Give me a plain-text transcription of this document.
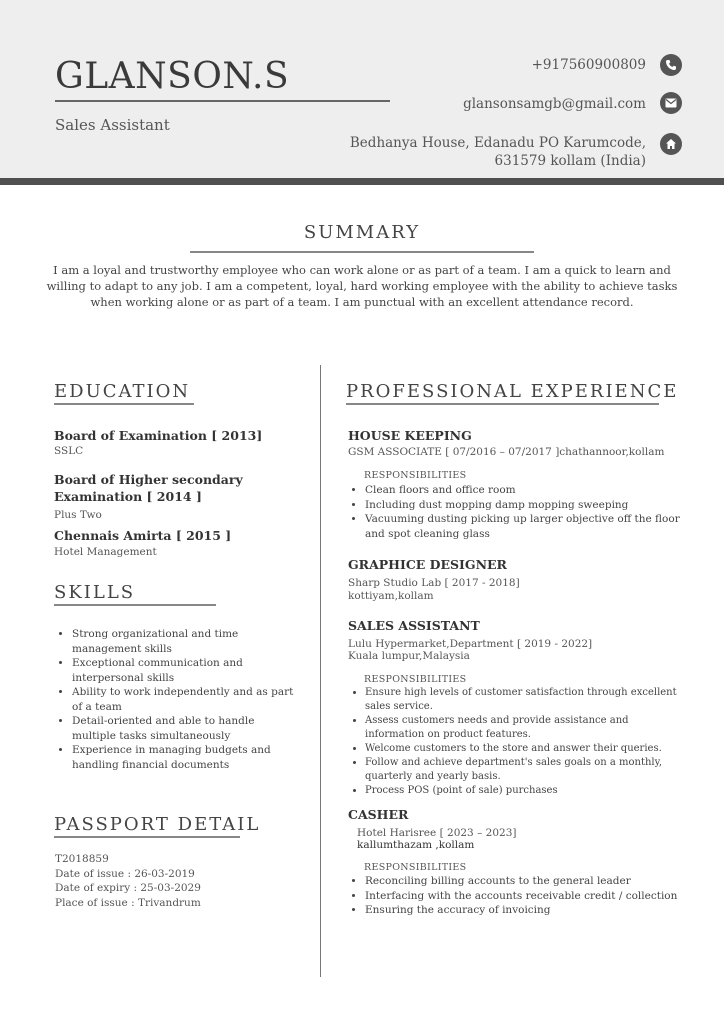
GLANSON.S
Sales Assistant
+917560900809
glansonsamgb@gmail.com
Bedhanya House, Edanadu PO Karumcode,
631579 kollam (India)
SUMMARY
I am a loyal and trustworthy employee who can work alone or as part of a team. I am a quick to learn and willing to adapt to any job. I am a competent, loyal, hard working employee with the ability to achieve tasks when working alone or as part of a team. I am punctual with an excellent attendance record.
EDUCATION
Board of Examination [ 2013]
SSLC
Board of Higher secondary Examination [ 2014 ]
Plus Two
Chennais Amirta [ 2015 ]
Hotel Management
SKILLS
• Strong organizational and time management skills
• Exceptional communication and interpersonal skills
• Ability to work independently and as part of a team
• Detail-oriented and able to handle multiple tasks simultaneously
• Experience in managing budgets and handling financial documents
PASSPORT DETAIL
T2018859
Date of issue : 26-03-2019
Date of expiry : 25-03-2029
Place of issue : Trivandrum
PROFESSIONAL EXPERIENCE
HOUSE KEEPING
GSM ASSOCIATE [ 07/2016 – 07/2017 ]chathannoor,kollam
RESPONSIBILITIES
• Clean floors and office room
• Including dust mopping damp mopping sweeping
• Vacuuming dusting picking up larger objective off the floor and spot cleaning glass
GRAPHICE DESIGNER
Sharp Studio Lab [ 2017 - 2018]
kottiyam,kollam
SALES ASSISTANT
Lulu Hypermarket,Department [ 2019 - 2022]
Kuala lumpur,Malaysia
RESPONSIBILITIES
• Ensure high levels of customer satisfaction through excellent sales service.
• Assess customers needs and provide assistance and information on product features.
• Welcome customers to the store and answer their queries.
• Follow and achieve department's sales goals on a monthly, quarterly and yearly basis.
• Process POS (point of sale) purchases
CASHER
Hotel Harisree [ 2023 – 2023]
kallumthazam ,kollam
RESPONSIBILITIES
• Reconciling billing accounts to the general leader
• Interfacing with the accounts receivable credit / collection
• Ensuring the accuracy of invoicing
